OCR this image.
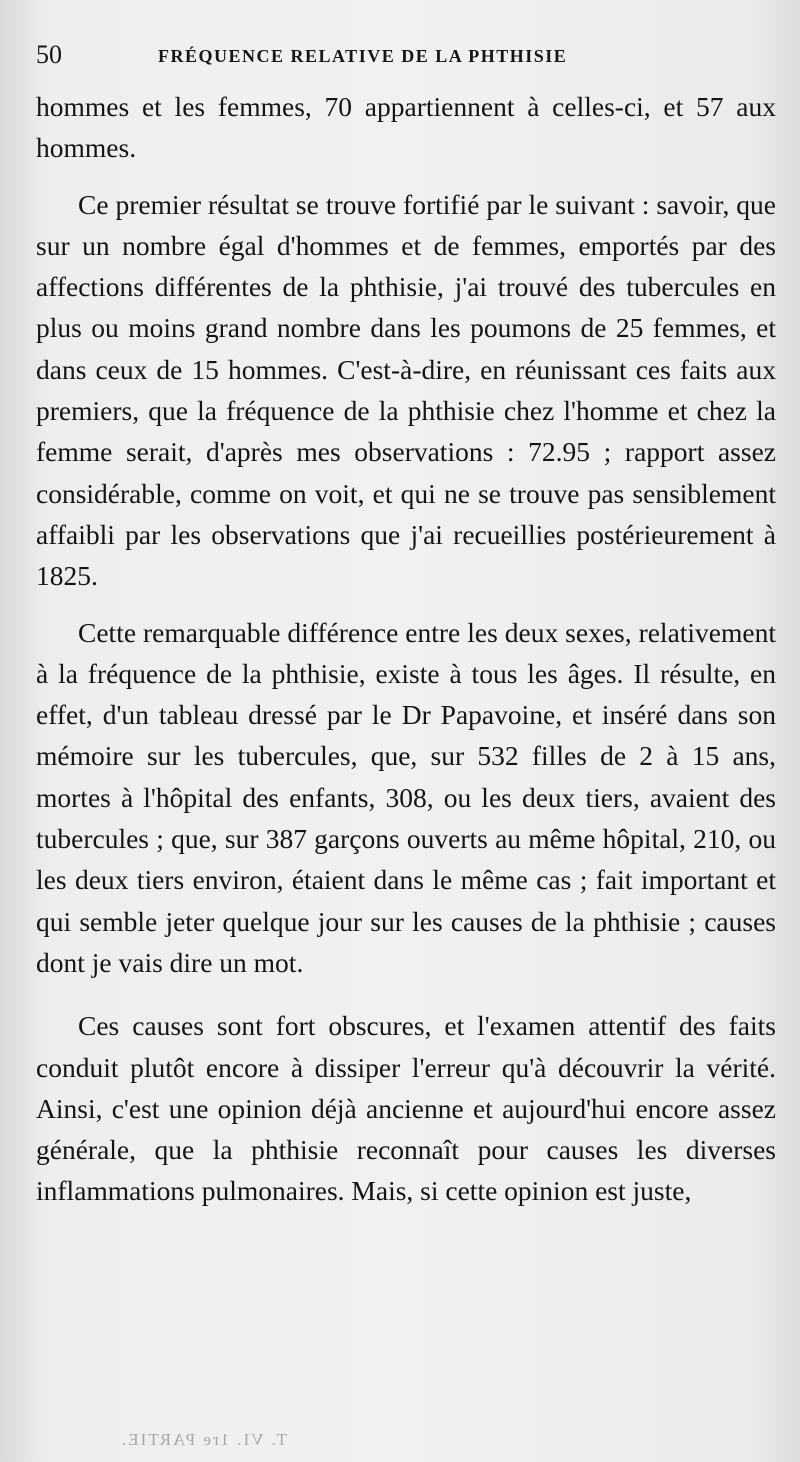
50	FRÉQUENCE RELATIVE DE LA PHTHISIE

hommes et les femmes, 70 appartiennent à celles-ci, et 57 aux hommes.

Ce premier résultat se trouve fortifié par le suivant : savoir, que sur un nombre égal d'hommes et de femmes, emportés par des affections différentes de la phthisie, j'ai trouvé des tubercules en plus ou moins grand nombre dans les poumons de 25 femmes, et dans ceux de 15 hommes. C'est-à-dire, en réunissant ces faits aux premiers, que la fréquence de la phthisie chez l'homme et chez la femme serait, d'après mes observations : 72.95 ; rapport assez considérable, comme on voit, et qui ne se trouve pas sensiblement affaibli par les observations que j'ai recueillies postérieurement à 1825.

Cette remarquable différence entre les deux sexes, relativement à la fréquence de la phthisie, existe à tous les âges. Il résulte, en effet, d'un tableau dressé par le Dr Papavoine, et inséré dans son mémoire sur les tubercules, que, sur 532 filles de 2 à 15 ans, mortes à l'hôpital des enfants, 308, ou les deux tiers, avaient des tubercules ; que, sur 387 garçons ouverts au même hôpital, 210, ou les deux tiers environ, étaient dans le même cas ; fait important et qui semble jeter quelque jour sur les causes de la phthisie ; causes dont je vais dire un mot.

Ces causes sont fort obscures, et l'examen attentif des faits conduit plutôt encore à dissiper l'erreur qu'à découvrir la vérité. Ainsi, c'est une opinion déjà ancienne et aujourd'hui encore assez générale, que la phthisie reconnaît pour causes les diverses inflammations pulmonaires. Mais, si cette opinion est juste,

T. VI. 1re PARTIE.
